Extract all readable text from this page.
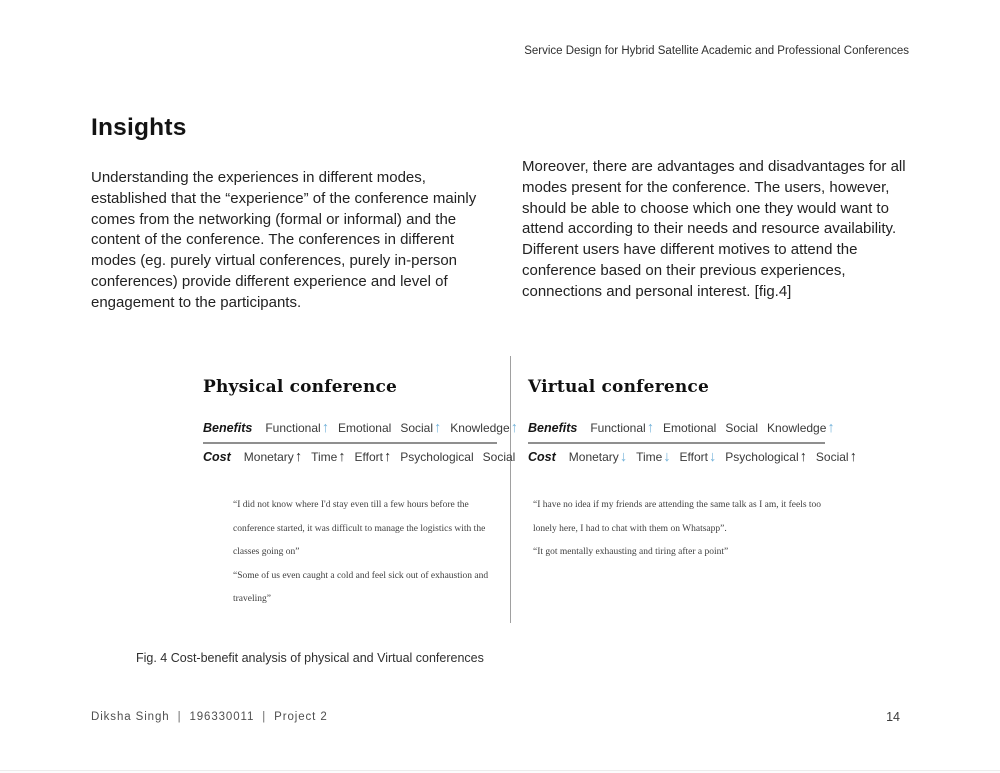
Service Design for Hybrid Satellite Academic and Professional Conferences
Insights

Understanding the experiences in different modes, established that the “experience” of the conference mainly comes from the networking (formal or informal) and the content of the conference. The conferences in different modes (eg. purely virtual conferences, purely in-person conferences) provide different experience and level of engagement to the participants.

Moreover, there are advantages and disadvantages for all modes present for the conference. The users, however, should be able to choose which one they would want to attend according to their needs and resource availability. Different users have different motives to attend the conference based on their previous experiences, connections and personal interest. [fig.4]

Physical conference
Benefits Functional↑ Emotional Social↑ Knowledge↑
Cost Monetary↑ Time↑ Effort↑ Psychological Social

“I did not know where I'd stay even till a few hours before the conference started, it was difficult to manage the logistics with the classes going on”

“Some of us even caught a cold and feel sick out of exhaustion and traveling”

Virtual conference
Benefits Functional↑ Emotional Social Knowledge↑
Cost Monetary↓ Time↓ Effort↓ Psychological↑ Social↑

“I have no idea if my friends are attending the same talk as I am, it feels too lonely here, I had to chat with them on Whatsapp”.

“It got mentally exhausting and tiring after a point”

Fig. 4 Cost-benefit analysis of physical and Virtual conferences
Diksha Singh | 196330011 | Project 2	14
